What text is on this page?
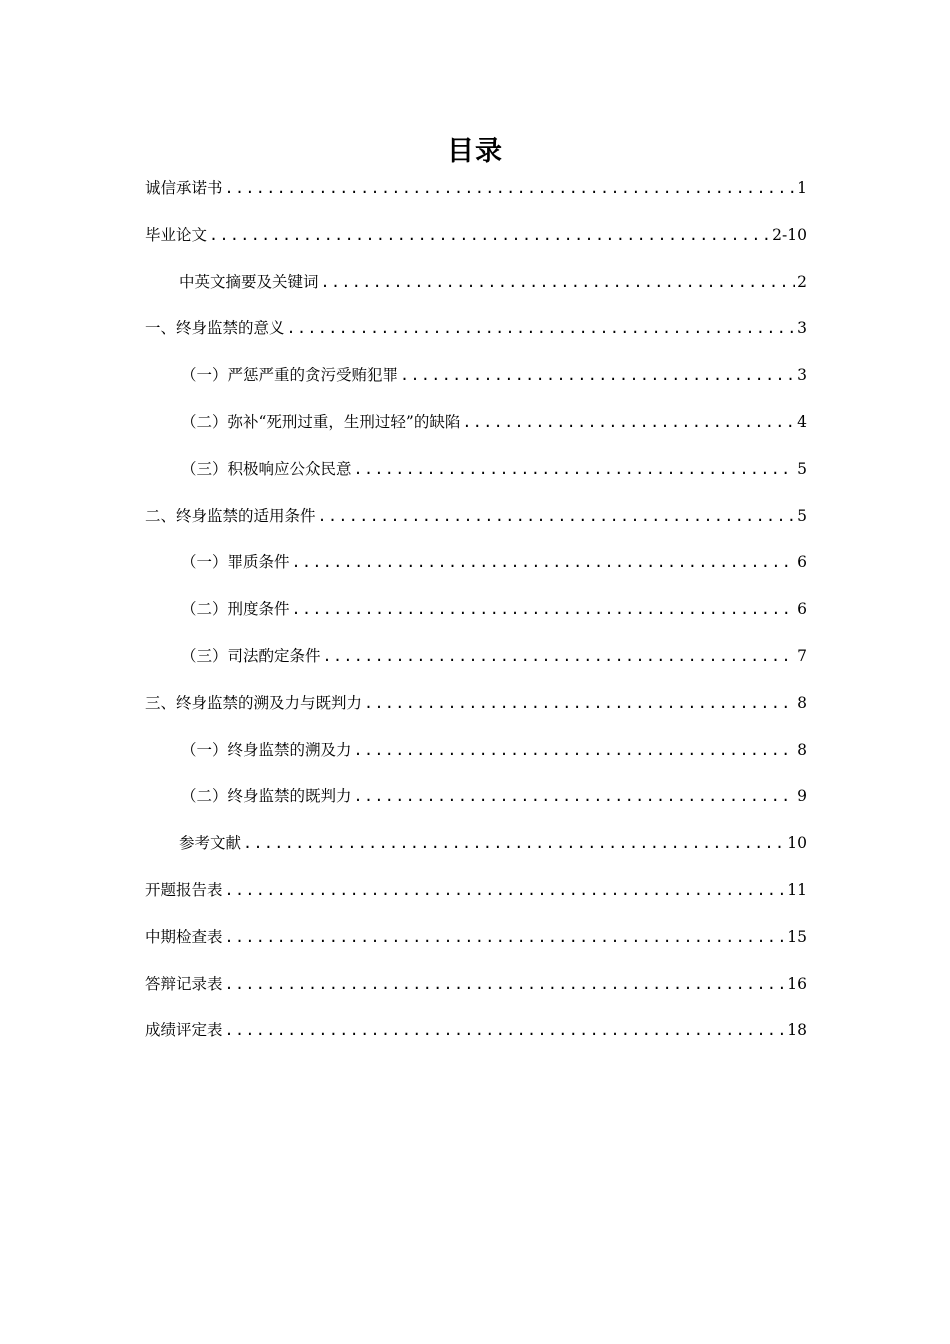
目录
诚信承诺书 .....	1
毕业论文 .....	2-10
中英文摘要及关键词 .....	2
一、终身监禁的意义 .....	3
（一）严惩严重的贪污受贿犯罪 .....	3
（二）弥补“死刑过重，生刑过轻”的缺陷 .....	4
（三）积极响应公众民意 .....	5
二、终身监禁的适用条件 .....	5
（一）罪质条件 .....	6
（二）刑度条件 .....	6
（三）司法酌定条件 .....	7
三、终身监禁的溯及力与既判力 .....	8
（一）终身监禁的溯及力 .....	8
（二）终身监禁的既判力 .....	9
参考文献 .....	10
开题报告表 .....	11
中期检查表 .....	15
答辩记录表 .....	16
成绩评定表 .....	18
